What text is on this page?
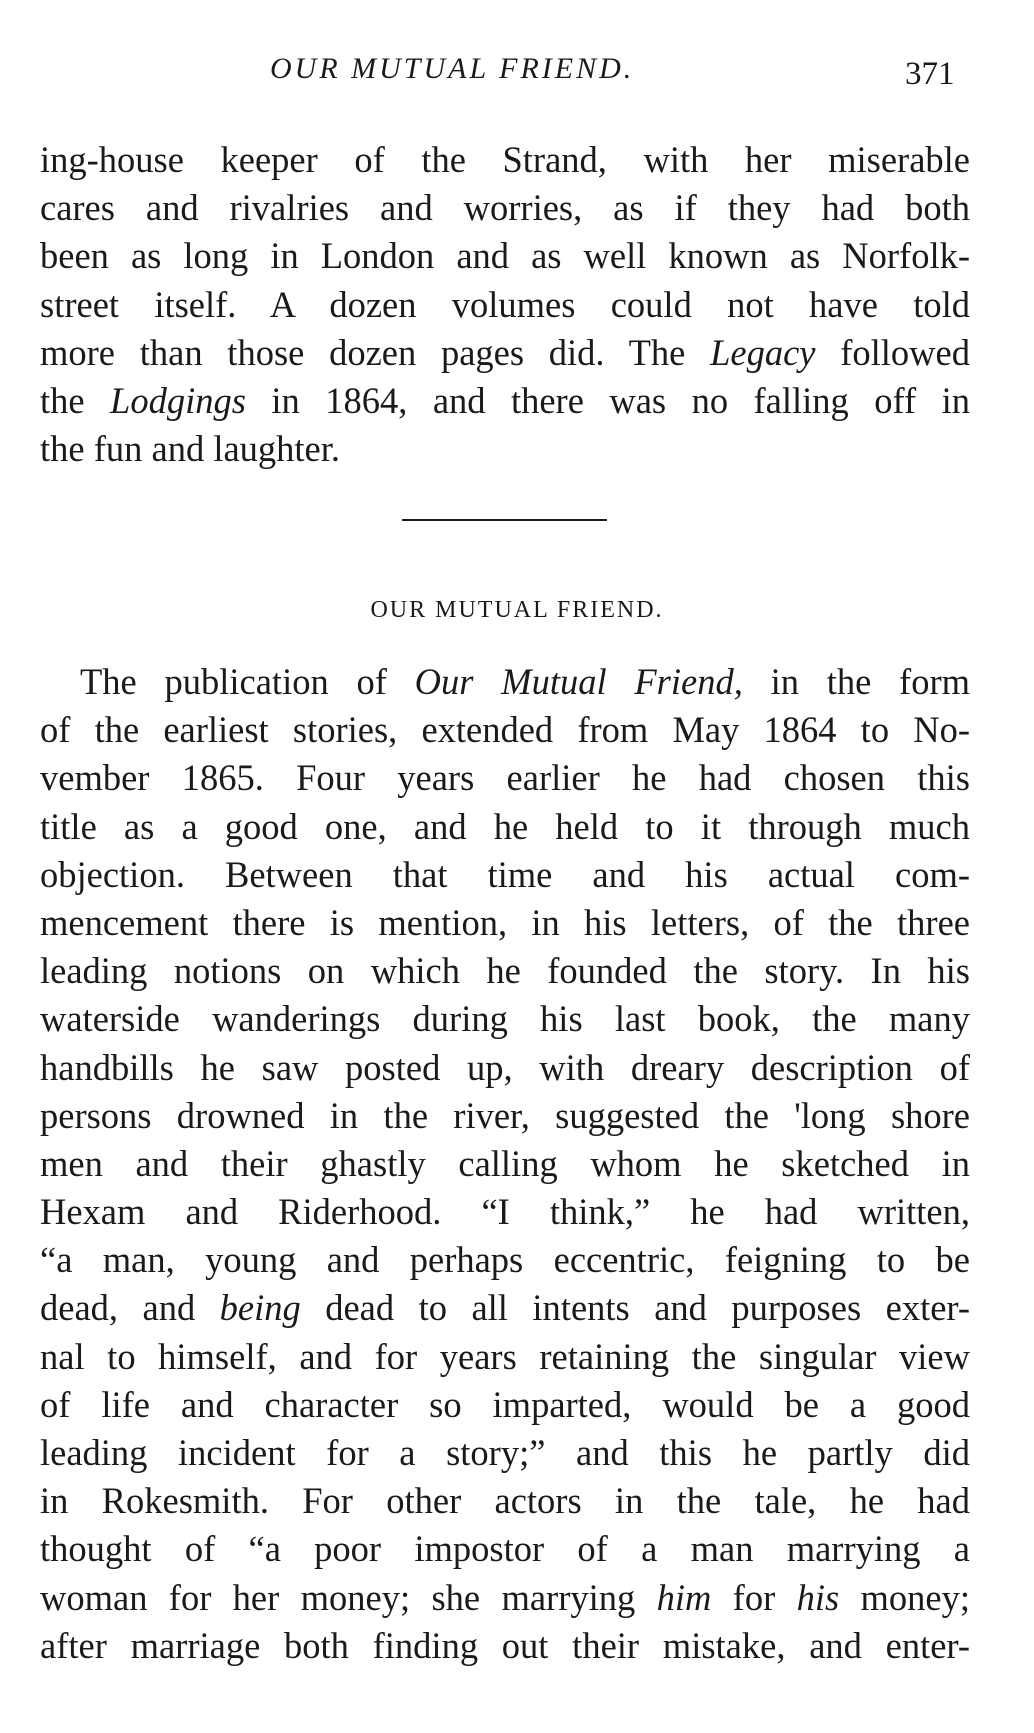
OUR MUTUAL FRIEND.	371
ing-house keeper of the Strand, with her miserable
cares and rivalries and worries, as if they had both
been as long in London and as well known as Norfolk-
street itself. A dozen volumes could not have told
more than those dozen pages did. The Legacy followed
the Lodgings in 1864, and there was no falling off in
the fun and laughter.
OUR MUTUAL FRIEND.
The publication of Our Mutual Friend, in the form
of the earliest stories, extended from May 1864 to No-
vember 1865. Four years earlier he had chosen this
title as a good one, and he held to it through much
objection. Between that time and his actual com-
mencement there is mention, in his letters, of the three
leading notions on which he founded the story. In his
waterside wanderings during his last book, the many
handbills he saw posted up, with dreary description of
persons drowned in the river, suggested the 'long shore
men and their ghastly calling whom he sketched in
Hexam and Riderhood. “I think,” he had written,
“a man, young and perhaps eccentric, feigning to be
dead, and being dead to all intents and purposes exter-
nal to himself, and for years retaining the singular view
of life and character so imparted, would be a good
leading incident for a story;” and this he partly did
in Rokesmith. For other actors in the tale, he had
thought of “a poor impostor of a man marrying a
woman for her money; she marrying him for his money;
after marriage both finding out their mistake, and enter-
